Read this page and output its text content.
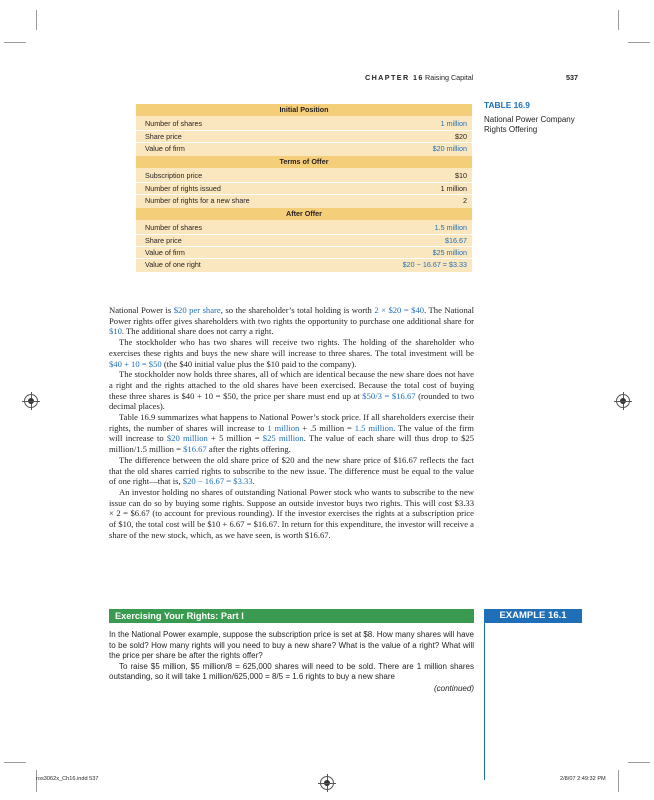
CHAPTER 16 Raising Capital	537
Initial Position
Number of shares	1 million
Share price	$20
Value of firm	$20 million
Terms of Offer
Subscription price	$10
Number of rights issued	1 million
Number of rights for a new share	2
After Offer
Number of shares	1.5 million
Share price	$16.67
Value of firm	$25 million
Value of one right	$20 − 16.67 = $3.33
TABLE 16.9
National Power Company Rights Offering

National Power is $20 per share, so the shareholder’s total holding is worth 2 × $20 = $40. The National Power rights offer gives shareholders with two rights the opportunity to purchase one additional share for $10. The additional share does not carry a right.

The stockholder who has two shares will receive two rights. The holding of the shareholder who exercises these rights and buys the new share will increase to three shares. The total investment will be $40 + 10 = $50 (the $40 initial value plus the $10 paid to the company).

The stockholder now holds three shares, all of which are identical because the new share does not have a right and the rights attached to the old shares have been exercised. Because the total cost of buying these three shares is $40 + 10 = $50, the price per share must end up at $50/3 = $16.67 (rounded to two decimal places).

Table 16.9 summarizes what happens to National Power’s stock price. If all shareholders exercise their rights, the number of shares will increase to 1 million + .5 million = 1.5 million. The value of the firm will increase to $20 million + 5 million = $25 million. The value of each share will thus drop to $25 million/1.5 million = $16.67 after the rights offering.

The difference between the old share price of $20 and the new share price of $16.67 reflects the fact that the old shares carried rights to subscribe to the new issue. The difference must be equal to the value of one right—that is, $20 − 16.67 = $3.33.

An investor holding no shares of outstanding National Power stock who wants to subscribe to the new issue can do so by buying some rights. Suppose an outside investor buys two rights. This will cost $3.33 × 2 = $6.67 (to account for previous rounding). If the investor exercises the rights at a subscription price of $10, the total cost will be $10 + 6.67 = $16.67. In return for this expenditure, the investor will receive a share of the new stock, which, as we have seen, is worth $16.67.

Exercising Your Rights: Part I	EXAMPLE 16.1

In the National Power example, suppose the subscription price is set at $8. How many shares will have to be sold? How many rights will you need to buy a new share? What is the value of a right? What will the price per share be after the rights offer?

To raise $5 million, $5 million/8 = 625,000 shares will need to be sold. There are 1 million shares outstanding, so it will take 1 million/625,000 = 8/5 = 1.6 rights to buy a new share

(continued)
ros3062x_Ch16.indd 537	2/8/07 2:49:32 PM
